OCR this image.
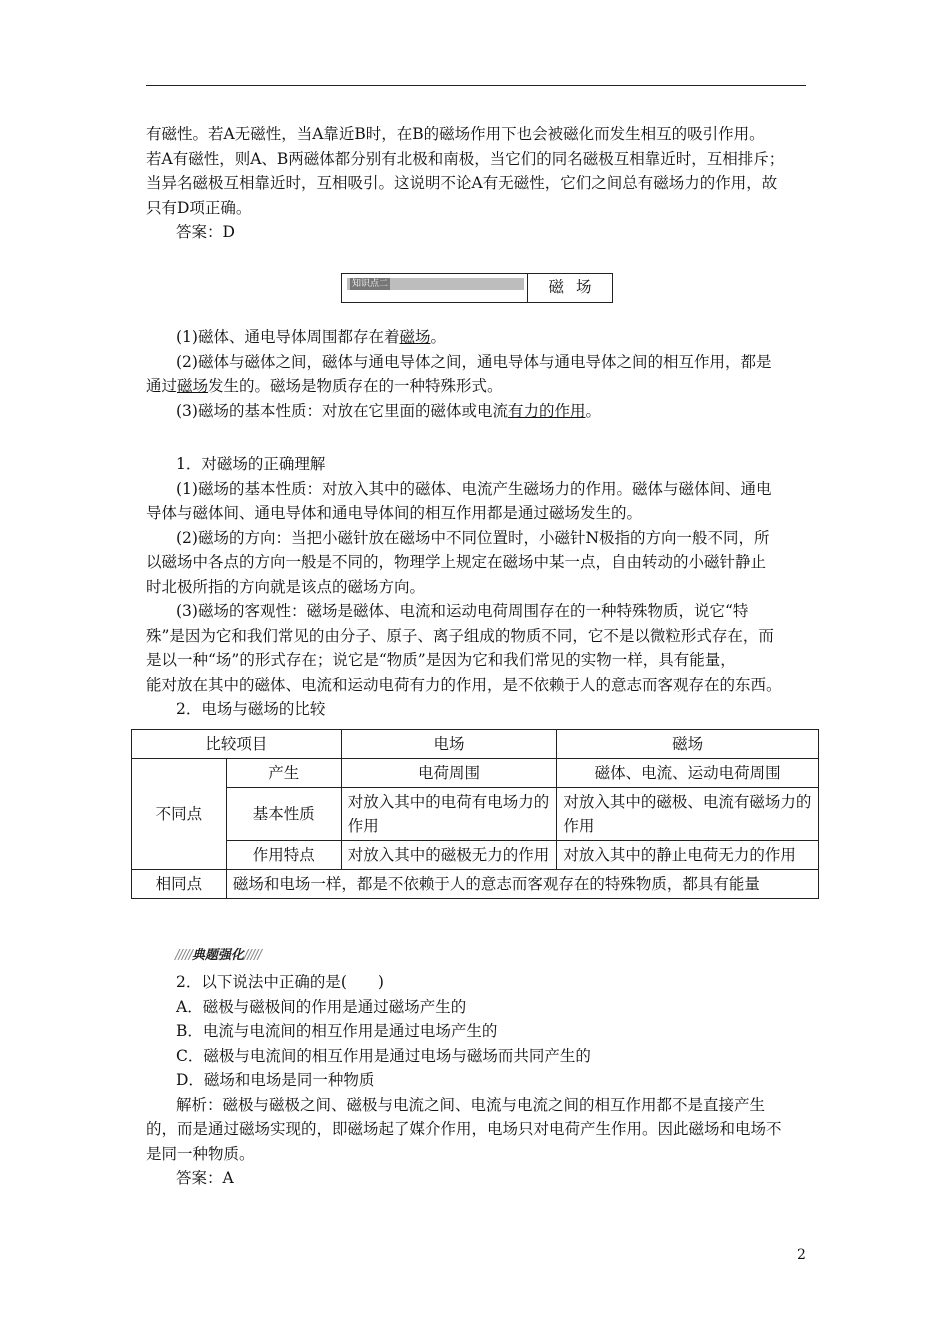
有磁性。若A无磁性，当A靠近B时，在B的磁场作用下也会被磁化而发生相互的吸引作用。
若A有磁性，则A、B两磁体都分别有北极和南极，当它们的同名磁极互相靠近时，互相排斥；
当异名磁极互相靠近时，互相吸引。这说明不论A有无磁性，它们之间总有磁场力的作用，故
只有D项正确。
答案：D
知识点二	磁场
(1)磁体、通电导体周围都存在着磁场。
(2)磁体与磁体之间，磁体与通电导体之间，通电导体与通电导体之间的相互作用，都是
通过磁场发生的。磁场是物质存在的一种特殊形式。
(3)磁场的基本性质：对放在它里面的磁体或电流有力的作用。
1．对磁场的正确理解
(1)磁场的基本性质：对放入其中的磁体、电流产生磁场力的作用。磁体与磁体间、通电
导体与磁体间、通电导体和通电导体间的相互作用都是通过磁场发生的。
(2)磁场的方向：当把小磁针放在磁场中不同位置时，小磁针N极指的方向一般不同，所
以磁场中各点的方向一般是不同的，物理学上规定在磁场中某一点，自由转动的小磁针静止
时北极所指的方向就是该点的磁场方向。
(3)磁场的客观性：磁场是磁体、电流和运动电荷周围存在的一种特殊物质，说它“特
殊”是因为它和我们常见的由分子、原子、离子组成的物质不同，它不是以微粒形式存在，而
是以一种“场”的形式存在；说它是“物质”是因为它和我们常见的实物一样，具有能量，
能对放在其中的磁体、电流和运动电荷有力的作用，是不依赖于人的意志而客观存在的东西。
2．电场与磁场的比较
比较项目		电场	磁场
不同点	产生	电荷周围	磁体、电流、运动电荷周围
	基本性质	对放入其中的电荷有电场力的作用	对放入其中的磁极、电流有磁场力的作用
	作用特点	对放入其中的磁极无力的作用	对放入其中的静止电荷无力的作用
相同点	磁场和电场一样，都是不依赖于人的意志而客观存在的特殊物质，都具有能量		
/////典题强化/////
2．以下说法中正确的是(　　)
A．磁极与磁极间的作用是通过磁场产生的
B．电流与电流间的相互作用是通过电场产生的
C．磁极与电流间的相互作用是通过电场与磁场而共同产生的
D．磁场和电场是同一种物质
解析：磁极与磁极之间、磁极与电流之间、电流与电流之间的相互作用都不是直接产生
的，而是通过磁场实现的，即磁场起了媒介作用，电场只对电荷产生作用。因此磁场和电场不
是同一种物质。
答案：A
2
